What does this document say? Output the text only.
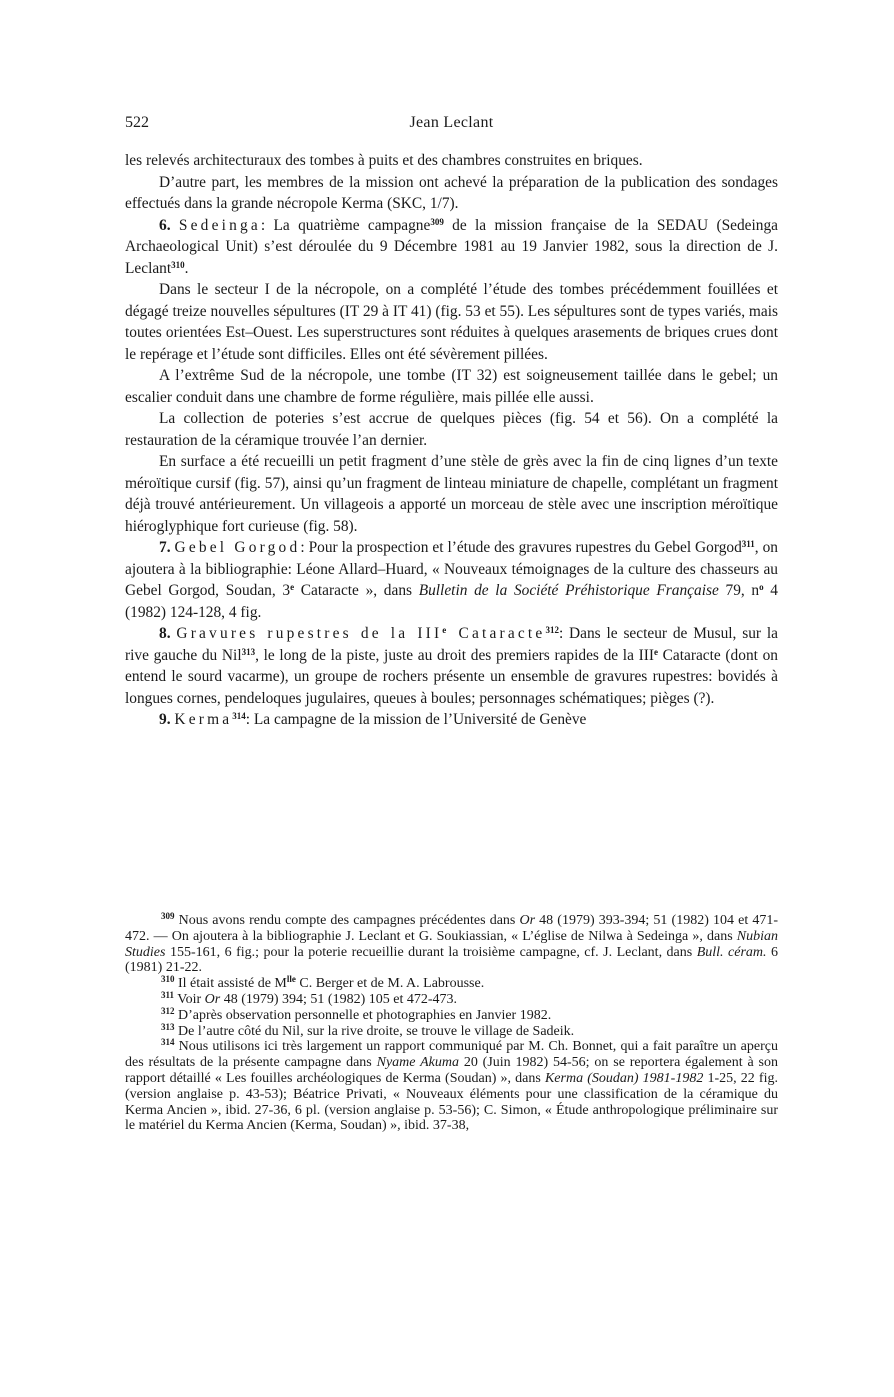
522	Jean Leclant

les relevés architecturaux des tombes à puits et des chambres construites en briques.

D’autre part, les membres de la mission ont achevé la préparation de la publication des sondages effectués dans la grande nécropole Kerma (SKC, 1/7).

6. Sedeinga: La quatrième campagne$^{309}$ de la mission française de la SEDAU (Sedeinga Archaeological Unit) s’est déroulée du 9 Décembre 1981 au 19 Janvier 1982, sous la direction de J. Leclant$^{310}$.

Dans le secteur I de la nécropole, on a complété l’étude des tombes précédemment fouillées et dégagé treize nouvelles sépultures (IT 29 à IT 41) (fig. 53 et 55). Les sépultures sont de types variés, mais toutes orientées Est–Ouest. Les superstructures sont réduites à quelques arasements de briques crues dont le repérage et l’étude sont difficiles. Elles ont été sévèrement pillées.

A l’extrême Sud de la nécropole, une tombe (IT 32) est soigneusement taillée dans le gebel; un escalier conduit dans une chambre de forme régulière, mais pillée elle aussi.

La collection de poteries s’est accrue de quelques pièces (fig. 54 et 56). On a complété la restauration de la céramique trouvée l’an dernier.

En surface a été recueilli un petit fragment d’une stèle de grès avec la fin de cinq lignes d’un texte méroïtique cursif (fig. 57), ainsi qu’un fragment de linteau miniature de chapelle, complétant un fragment déjà trouvé antérieurement. Un villageois a apporté un morceau de stèle avec une inscription méroïtique hiéroglyphique fort curieuse (fig. 58).

7. Gebel Gorgod: Pour la prospection et l’étude des gravures rupestres du Gebel Gorgod$^{311}$, on ajoutera à la bibliographie: Léone Allard–Huard, « Nouveaux témoignages de la culture des chasseurs au Gebel Gorgod, Soudan, 3e Cataracte », dans Bulletin de la Société Préhistorique Française 79, $n^o$ 4 (1982) 124-128, 4 fig.

8. Gravures rupestres de la IIIe Cataracte$^{312}$: Dans le secteur de Musul, sur la rive gauche du Nil$^{313}$, le long de la piste, juste au droit des premiers rapides de la IIIe Cataracte (dont on entend le sourd vacarme), un groupe de rochers présente un ensemble de gravures rupestres: bovidés à longues cornes, pendeloques jugulaires, queues à boules; personnages schématiques; pièges (?).

9. Kerma$^{314}$: La campagne de la mission de l’Université de Genève

$^{309}$ Nous avons rendu compte des campagnes précédentes dans Or 48 (1979) 393-394; 51 (1982) 104 et 471-472. — On ajoutera à la bibliographie J. Leclant et G. Soukiassian, « L’église de Nilwa à Sedeinga », dans Nubian Studies 155-161, 6 fig.; pour la poterie recueillie durant la troisième campagne, cf. J. Leclant, dans Bull. céram. 6 (1981) 21-22.

$^{310}$ Il était assisté de $M^{lle}$ C. Berger et de M. A. Labrousse.

$^{311}$ Voir Or 48 (1979) 394; 51 (1982) 105 et 472-473.

$^{312}$ D’après observation personnelle et photographies en Janvier 1982.

$^{313}$ De l’autre côté du Nil, sur la rive droite, se trouve le village de Sadeik.

$^{314}$ Nous utilisons ici très largement un rapport communiqué par M. Ch. Bonnet, qui a fait paraître un aperçu des résultats de la présente campagne dans Nyame Akuma 20 (Juin 1982) 54-56; on se reportera également à son rapport détaillé « Les fouilles archéologiques de Kerma (Soudan) », dans Kerma (Soudan) 1981-1982 1-25, 22 fig. (version anglaise p. 43-53); Béatrice Privati, « Nouveaux éléments pour une classification de la céramique du Kerma Ancien », ibid. 27-36, 6 pl. (version anglaise p. 53-56); C. Simon, « Étude anthropologique préliminaire sur le matériel du Kerma Ancien (Kerma, Soudan) », ibid. 37-38,
